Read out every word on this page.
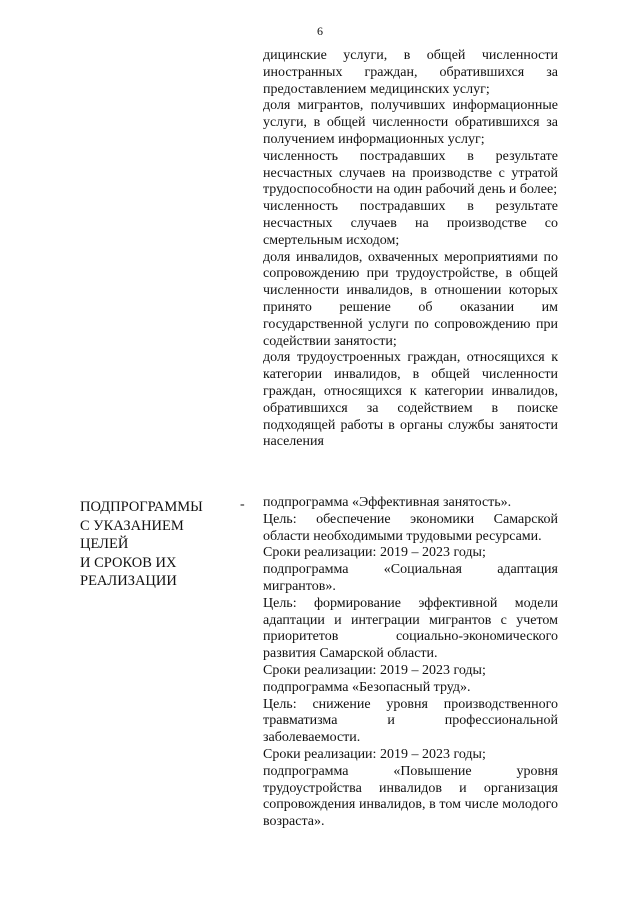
6

дицинские услуги, в общей численности иностранных граждан, обратившихся за предоставлением медицинских услуг;

доля мигрантов, получивших информационные услуги, в общей численности обратившихся за получением информационных услуг;

численность пострадавших в результате несчастных случаев на производстве с утратой трудоспособности на один рабочий день и более;

численность пострадавших в результате несчастных случаев на производстве со смертельным исходом;

доля инвалидов, охваченных мероприятиями по сопровождению при трудоустройстве, в общей численности инвалидов, в отношении которых принято решение об оказании им государственной услуги по сопровождению при содействии занятости;

доля трудоустроенных граждан, относящихся к категории инвалидов, в общей численности граждан, относящихся к категории инвалидов, обратившихся за содействием в поиске подходящей работы в органы службы занятости населения

ПОДПРОГРАММЫ
С УКАЗАНИЕМ
ЦЕЛЕЙ
И СРОКОВ ИХ
РЕАЛИЗАЦИИ
- подпрограмма «Эффективная занятость».

Цель: обеспечение экономики Самарской области необходимыми трудовыми ресурсами.

Сроки реализации: 2019 – 2023 годы;

подпрограмма «Социальная адаптация мигрантов».

Цель: формирование эффективной модели адаптации и интеграции мигрантов с учетом приоритетов социально-экономического развития Самарской области.

Сроки реализации: 2019 – 2023 годы;

подпрограмма «Безопасный труд».

Цель: снижение уровня производственного травматизма и профессиональной заболеваемости.

Сроки реализации: 2019 – 2023 годы;

подпрограмма «Повышение уровня трудоустройства инвалидов и организация сопровождения инвалидов, в том числе молодого возраста».
